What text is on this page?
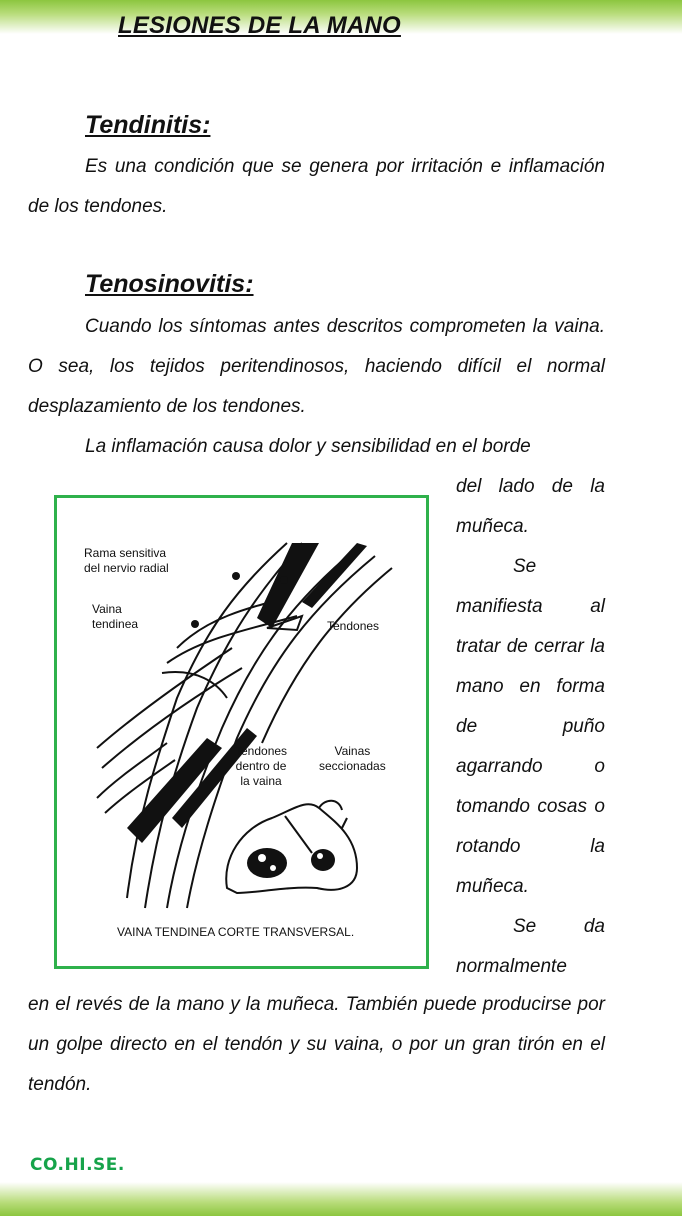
LESIONES DE LA MANO
Tendinitis:

Es una condición que se genera por irritación e inflamación de los tendones.

Tenosinovitis:

Cuando los síntomas antes descritos comprometen la vaina. O sea, los tejidos peritendinosos, haciendo difícil el normal desplazamiento de los tendones.

La inflamación causa dolor y sensibilidad en el borde

del lado de la muñeca.

Se manifiesta al tratar de cerrar la mano en forma de puño agarrando o tomando cosas o rotando la muñeca.

Se da normalmente

en el revés de la mano y la muñeca. También puede producirse por un golpe directo en el tendón y su vaina, o por un gran tirón en el tendón.

Rama sensitiva
del nervio radial

Vaina
tendinea	Tendones

Tendones
dentro de
la vaina

Vainas
seccionadas

VAINA TENDINEA CORTE TRANSVERSAL.

CO.HI.SE.
